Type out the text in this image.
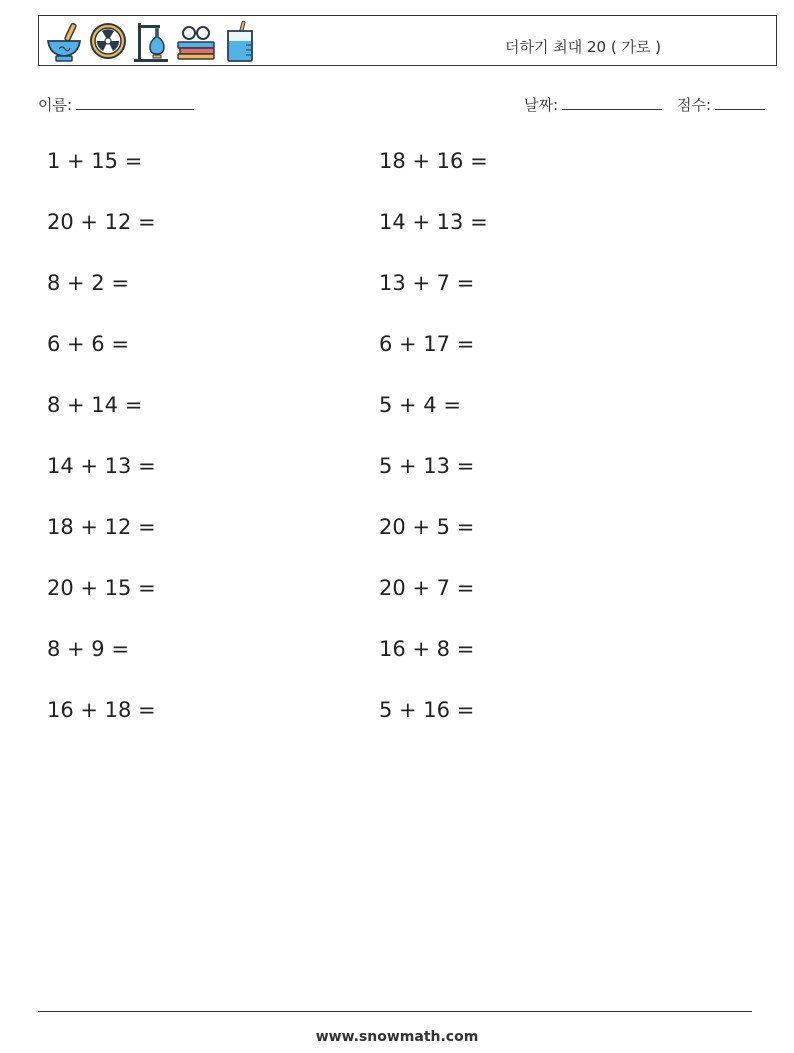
더하기 최대 20 ( 가로 )
이름:	날짜:	점수:
1 + 15 =	18 + 16 =
20 + 12 =	14 + 13 =
8 + 2 =	13 + 7 =
6 + 6 =	6 + 17 =
8 + 14 =	5 + 4 =
14 + 13 =	5 + 13 =
18 + 12 =	20 + 5 =
20 + 15 =	20 + 7 =
8 + 9 =	16 + 8 =
16 + 18 =	5 + 16 =
www.snowmath.com
